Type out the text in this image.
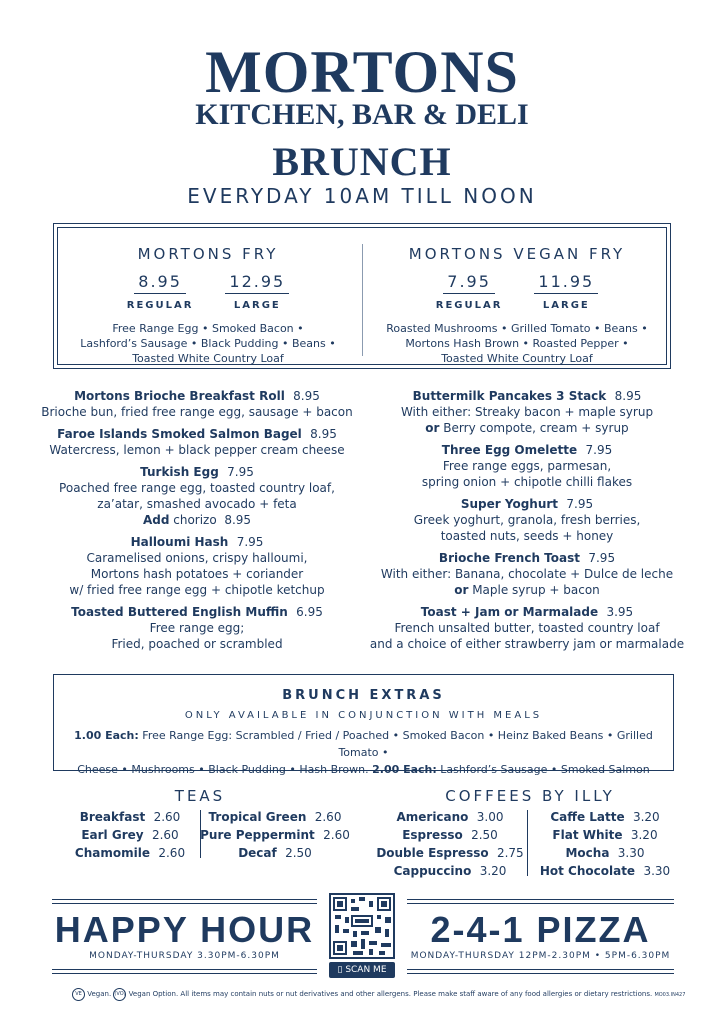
MORTONS
KITCHEN, BAR & DELI
BRUNCH
EVERYDAY 10AM TILL NOON
MORTONS FRY
8.95
REGULAR
12.95
LARGE
Free Range Egg • Smoked Bacon •
Lashford’s Sausage • Black Pudding • Beans •
Toasted White Country Loaf
MORTONS VEGAN FRY
7.95
REGULAR
11.95
LARGE
Roasted Mushrooms • Grilled Tomato • Beans •
Mortons Hash Brown • Roasted Pepper •
Toasted White Country Loaf
Mortons Brioche Breakfast Roll 8.95
Brioche bun, fried free range egg, sausage + bacon
Faroe Islands Smoked Salmon Bagel 8.95
Watercress, lemon + black pepper cream cheese
Turkish Egg 7.95
Poached free range egg, toasted country loaf,
za’atar, smashed avocado + feta
Add chorizo 8.95
Halloumi Hash 7.95
Caramelised onions, crispy halloumi,
Mortons hash potatoes + coriander
w/ fried free range egg + chipotle ketchup
Toasted Buttered English Muffin 6.95
Free range egg;
Fried, poached or scrambled
Buttermilk Pancakes 3 Stack 8.95
With either: Streaky bacon + maple syrup
or Berry compote, cream + syrup
Three Egg Omelette 7.95
Free range eggs, parmesan,
spring onion + chipotle chilli flakes
Super Yoghurt 7.95
Greek yoghurt, granola, fresh berries,
toasted nuts, seeds + honey
Brioche French Toast 7.95
With either: Banana, chocolate + Dulce de leche
or Maple syrup + bacon
Toast + Jam or Marmalade 3.95
French unsalted butter, toasted country loaf
and a choice of either strawberry jam or marmalade
BRUNCH EXTRAS
ONLY AVAILABLE IN CONJUNCTION WITH MEALS
1.00 Each: Free Range Egg: Scrambled / Fried / Poached • Smoked Bacon • Heinz Baked Beans • Grilled Tomato •
Cheese • Mushrooms • Black Pudding • Hash Brown. 2.00 Each: Lashford’s Sausage • Smoked Salmon
TEAS
Breakfast 2.60
Earl Grey 2.60
Chamomile 2.60
Tropical Green 2.60
Pure Peppermint 2.60
Decaf 2.50
COFFEES BY ILLY
Americano 3.00
Espresso 2.50
Double Espresso 2.75
Cappuccino 3.20
Caffe Latte 3.20
Flat White 3.20
Mocha 3.30
Hot Chocolate 3.30
HAPPY HOUR
MONDAY-THURSDAY 3.30PM-6.30PM
2-4-1 PIZZA
MONDAY-THURSDAY 12PM-2.30PM • 5PM-6.30PM
▯ SCAN ME
VE Vegan. (VO) Vegan Option. All items may contain nuts or nut derivatives and other allergens. Please make staff aware of any food allergies or dietary restrictions. MO03.IN427
